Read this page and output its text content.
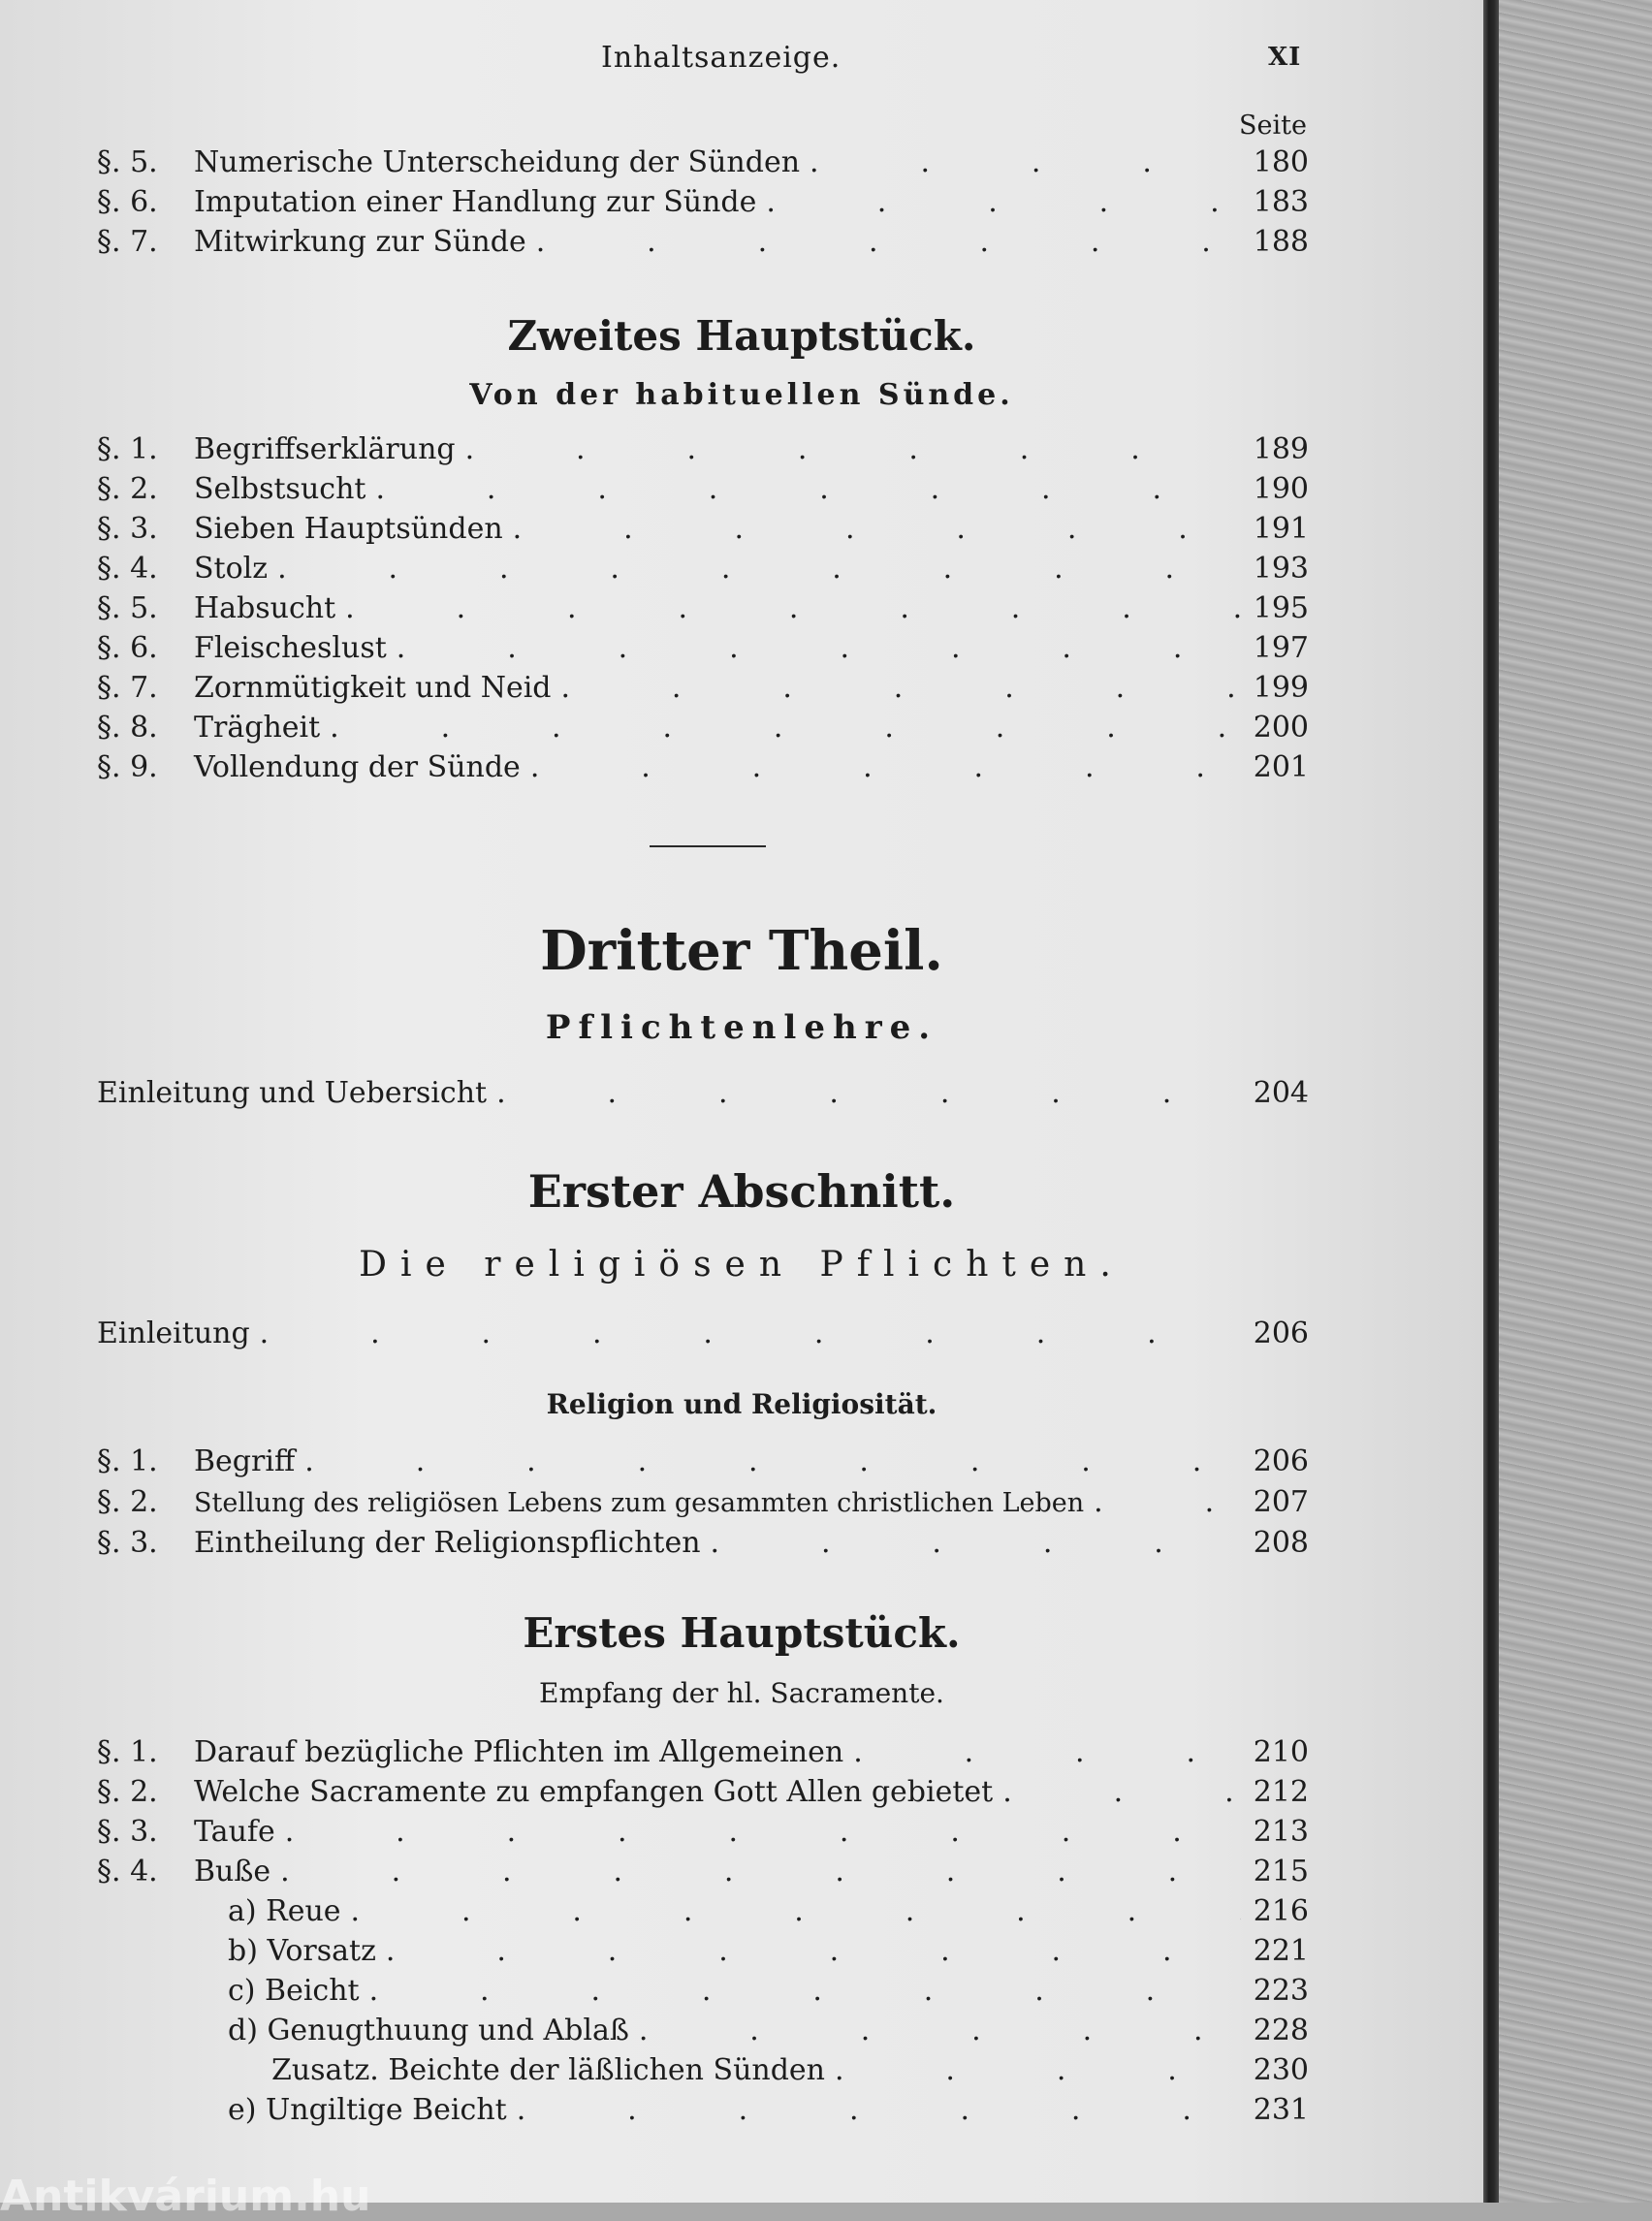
Inhaltsanzeige.	XI
Seite
§. 5.	Numerische Unterscheidung der Sünden .	180
§. 6.	Imputation einer Handlung zur Sünde .	183
§. 7.	Mitwirkung zur Sünde .	188
Zweites Hauptstück.
Von der habituellen Sünde.
§. 1.	Begriffserklärung .	189
§. 2.	Selbstsucht .	190
§. 3.	Sieben Hauptsünden .	191
§. 4.	Stolz .	193
§. 5.	Habsucht .	195
§. 6.	Fleischeslust .	197
§. 7.	Zornmütigkeit und Neid .	199
§. 8.	Trägheit .	200
§. 9.	Vollendung der Sünde .	201
Dritter Theil.
Pflichtenlehre.
Einleitung und Uebersicht .	204
Erster Abschnitt.
Die religiösen Pflichten.
Einleitung .	206
Religion und Religiosität.
§. 1.	Begriff .	206
§. 2.	Stellung des religiösen Lebens zum gesammten christlichen Leben .	207
§. 3.	Eintheilung der Religionspflichten .	208
Erstes Hauptstück.
Empfang der hl. Sacramente.
§. 1.	Darauf bezügliche Pflichten im Allgemeinen .	210
§. 2.	Welche Sacramente zu empfangen Gott Allen gebietet .	212
§. 3.	Taufe .	213
§. 4.	Buße .	215
a) Reue .	216
b) Vorsatz .	221
c) Beicht .	223
d) Genugthuung und Ablaß .	228
Zusatz. Beichte der läßlichen Sünden .	230
e) Ungiltige Beicht .	231
Antikvárium.hu
